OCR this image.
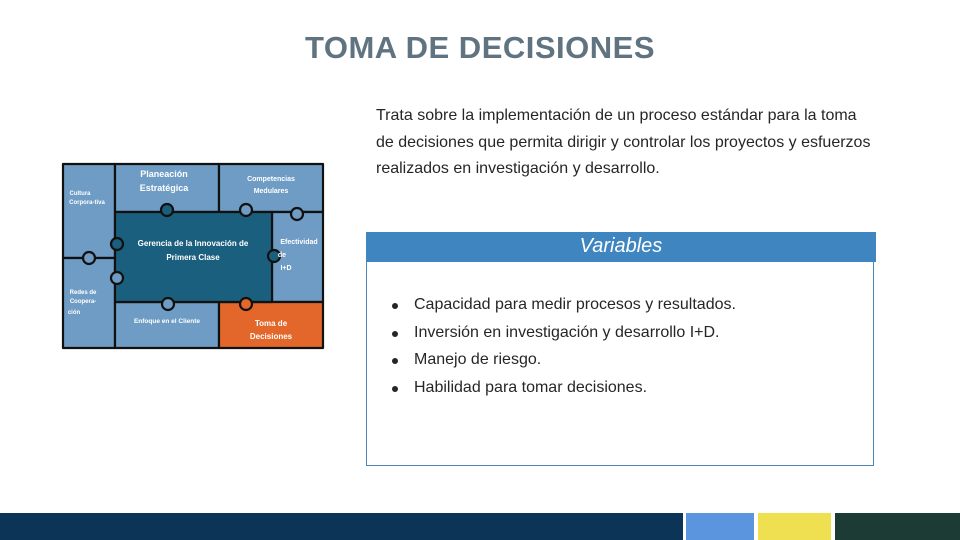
TOMA DE DECISIONES
Trata sobre la implementación de un proceso estándar para la toma de decisiones que permita dirigir y controlar los proyectos y esfuerzos realizados en investigación y desarrollo.
Cultura
Corpora-tiva
Planeación
Estratégica
Competencias
Medulares
Efectividad
de
I+D
Redes de
Coopera-
ción
Enfoque en el Cliente	Toma de
Decisiones
Gerencia de la Innovación de
Primera Clase
Variables
Capacidad para medir procesos y resultados.
Inversión en investigación y desarrollo I+D.
Manejo de riesgo.
Habilidad para tomar decisiones.
